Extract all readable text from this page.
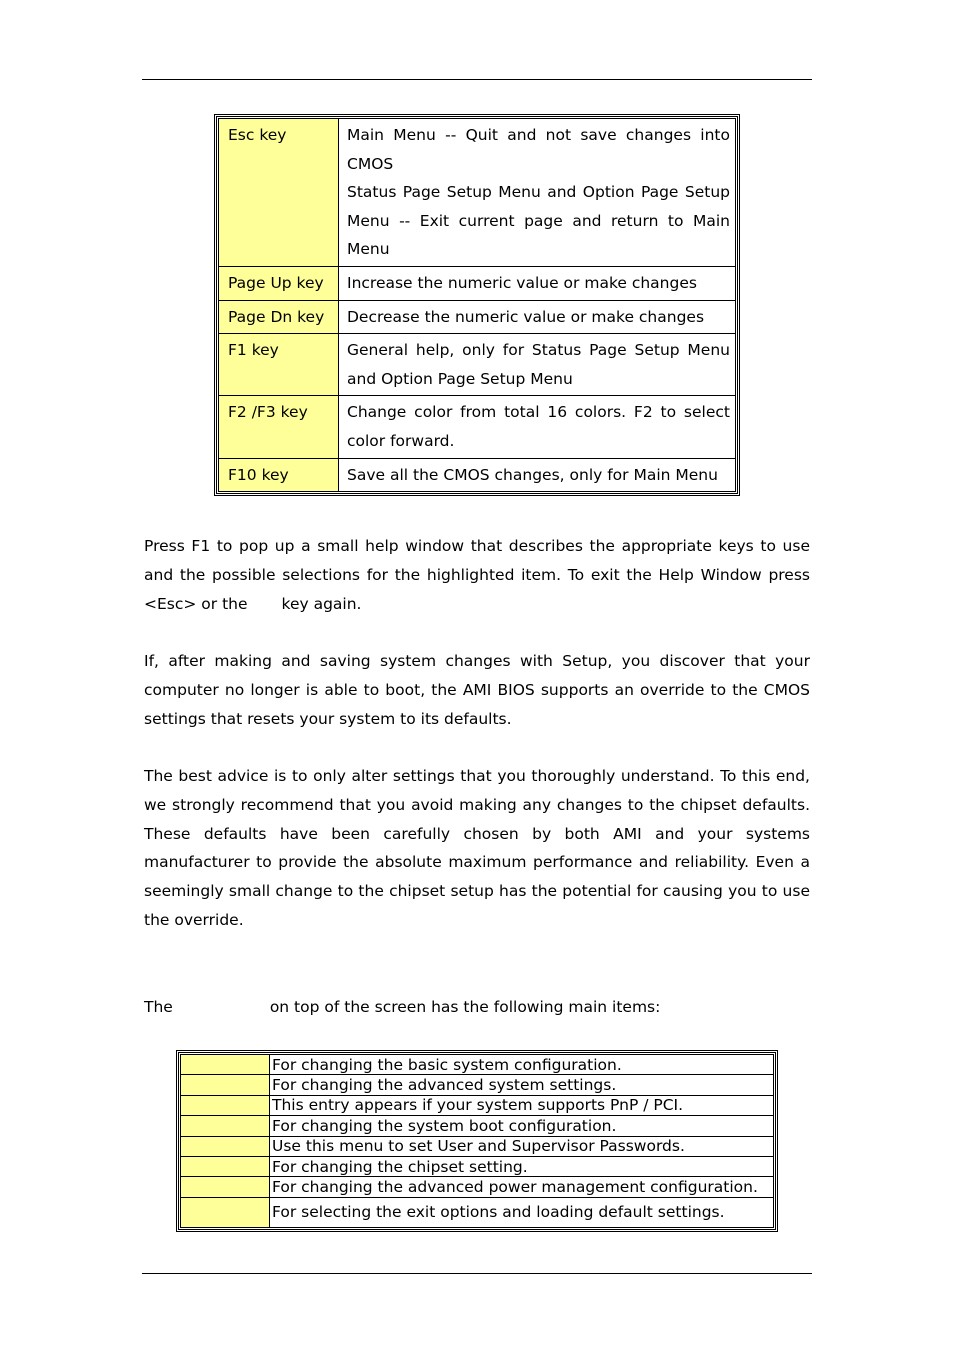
Esc key	Main Menu -- Quit and not save changes into CMOS

Status Page Setup Menu and Option Page Setup Menu -- Exit current page and return to Main Menu

Page Up key	Increase the numeric value or make changes

Page Dn key	Decrease the numeric value or make changes

F1 key	General help, only for Status Page Setup Menu and Option Page Setup Menu

F2 /F3 key	Change color from total 16 colors. F2 to select color forward.

F10 key	Save all the CMOS changes, only for Main Menu

Press F1 to pop up a small help window that describes the appropriate keys to use and the possible selections for the highlighted item. To exit the Help Window press <Esc> or the key again.

If, after making and saving system changes with Setup, you discover that your computer no longer is able to boot, the AMI BIOS supports an override to the CMOS settings that resets your system to its defaults.

The best advice is to only alter settings that you thoroughly understand. To this end, we strongly recommend that you avoid making any changes to the chipset defaults. These defaults have been carefully chosen by both AMI and your systems manufacturer to provide the absolute maximum performance and reliability. Even a seemingly small change to the chipset setup has the potential for causing you to use the override.

The	on top of the screen has the following main items:

	For changing the basic system configuration.
	For changing the advanced system settings.
	This entry appears if your system supports PnP / PCI.
	For changing the system boot configuration.
	Use this menu to set User and Supervisor Passwords.
	For changing the chipset setting.
	For changing the advanced power management configuration.
	For selecting the exit options and loading default settings.
